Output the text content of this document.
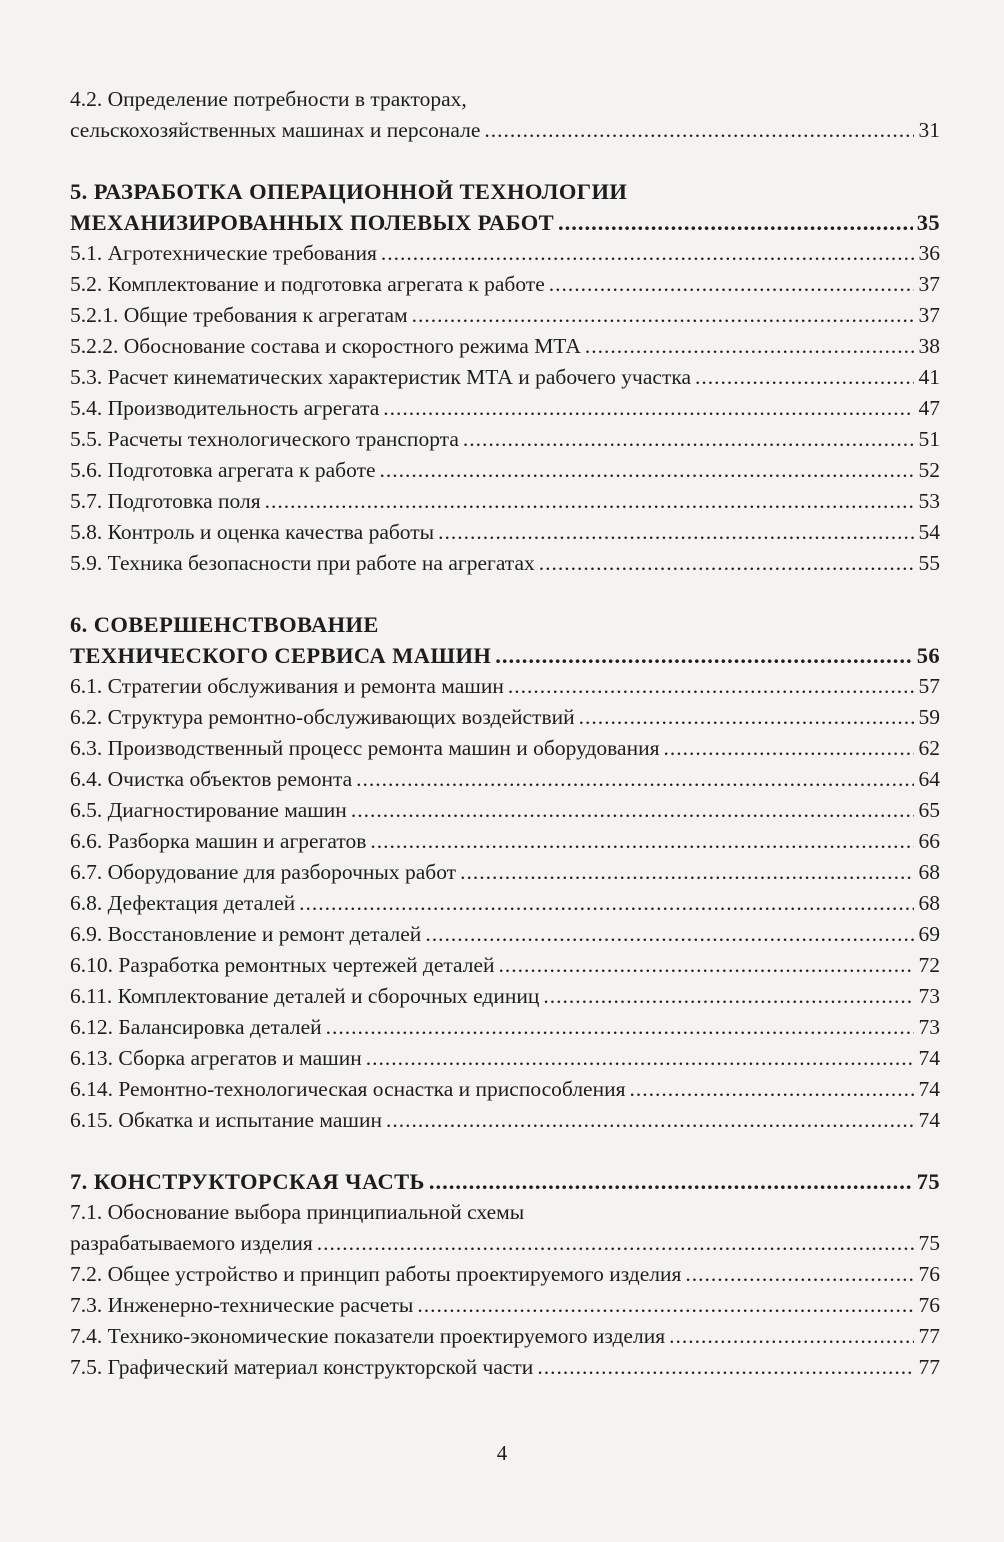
4.2. Определение потребности в тракторах,
сельскохозяйственных машинах и персонале .....	31
5. РАЗРАБОТКА ОПЕРАЦИОННОЙ ТЕХНОЛОГИИ
МЕХАНИЗИРОВАННЫХ ПОЛЕВЫХ РАБОТ .....	35
5.1. Агротехнические требования .....	36
5.2. Комплектование и подготовка агрегата к работе .....	37
5.2.1. Общие требования к агрегатам .....	37
5.2.2. Обоснование состава и скоростного режима МТА .....	38
5.3. Расчет кинематических характеристик МТА и рабочего участка .....	41
5.4. Производительность агрегата .....	47
5.5. Расчеты технологического транспорта .....	51
5.6. Подготовка агрегата к работе .....	52
5.7. Подготовка поля .....	53
5.8. Контроль и оценка качества работы .....	54
5.9. Техника безопасности при работе на агрегатах .....	55
6. СОВЕРШЕНСТВОВАНИЕ
ТЕХНИЧЕСКОГО СЕРВИСА МАШИН .....	56
6.1. Стратегии обслуживания и ремонта машин .....	57
6.2. Структура ремонтно-обслуживающих воздействий .....	59
6.3. Производственный процесс ремонта машин и оборудования .....	62
6.4. Очистка объектов ремонта .....	64
6.5. Диагностирование машин .....	65
6.6. Разборка машин и агрегатов .....	66
6.7. Оборудование для разборочных работ .....	68
6.8. Дефектация деталей .....	68
6.9. Восстановление и ремонт деталей .....	69
6.10. Разработка ремонтных чертежей деталей .....	72
6.11. Комплектование деталей и сборочных единиц .....	73
6.12. Балансировка деталей .....	73
6.13. Сборка агрегатов и машин .....	74
6.14. Ремонтно-технологическая оснастка и приспособления .....	74
6.15. Обкатка и испытание машин .....	74
7. КОНСТРУКТОРСКАЯ ЧАСТЬ .....	75
7.1. Обоснование выбора принципиальной схемы
разрабатываемого изделия .....	75
7.2. Общее устройство и принцип работы проектируемого изделия .....	76
7.3. Инженерно-технические расчеты .....	76
7.4. Технико-экономические показатели проектируемого изделия .....	77
7.5. Графический материал конструкторской части .....	77
4
